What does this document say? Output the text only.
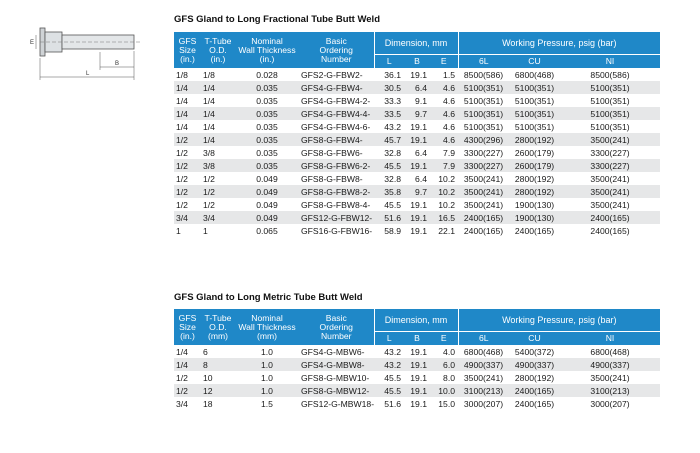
E
L
B
GFS Gland to Long Fractional Tube Butt Weld
GFS
Size
(in.)	T-Tube
O.D.
(in.)	Nominal
Wall Thickness
(in.)	Basic
Ordering
Number	Dimension, mm			Working Pressure, psig (bar)		
				L	B	E	6L	CU	NI
1/8	1/8	0.028	GFS2-G-FBW2-	36.1	19.1	1.5	8500(586)	6800(468)	8500(586)
1/4	1/4	0.035	GFS4-G-FBW4-	30.5	6.4	4.6	5100(351)	5100(351)	5100(351)
1/4	1/4	0.035	GFS4-G-FBW4-2-	33.3	9.1	4.6	5100(351)	5100(351)	5100(351)
1/4	1/4	0.035	GFS4-G-FBW4-4-	33.5	9.7	4.6	5100(351)	5100(351)	5100(351)
1/4	1/4	0.035	GFS4-G-FBW4-6-	43.2	19.1	4.6	5100(351)	5100(351)	5100(351)
1/2	1/4	0.035	GFS8-G-FBW4-	45.7	19.1	4.6	4300(296)	2800(192)	3500(241)
1/2	3/8	0.035	GFS8-G-FBW6-	32.8	6.4	7.9	3300(227)	2600(179)	3300(227)
1/2	3/8	0.035	GFS8-G-FBW6-2-	45.5	19.1	7.9	3300(227)	2600(179)	3300(227)
1/2	1/2	0.049	GFS8-G-FBW8-	32.8	6.4	10.2	3500(241)	2800(192)	3500(241)
1/2	1/2	0.049	GFS8-G-FBW8-2-	35.8	9.7	10.2	3500(241)	2800(192)	3500(241)
1/2	1/2	0.049	GFS8-G-FBW8-4-	45.5	19.1	10.2	3500(241)	1900(130)	3500(241)
3/4	3/4	0.049	GFS12-G-FBW12-	51.6	19.1	16.5	2400(165)	1900(130)	2400(165)
1	1	0.065	GFS16-G-FBW16-	58.9	19.1	22.1	2400(165)	2400(165)	2400(165)
GFS Gland to Long Metric Tube Butt Weld
GFS
Size
(in.)	T-Tube
O.D.
(mm)	Nominal
Wall Thickness
(mm)	Basic
Ordering
Number	Dimension, mm			Working Pressure, psig (bar)		
				L	B	E	6L	CU	NI
1/4	6	1.0	GFS4-G-MBW6-	43.2	19.1	4.0	6800(468)	5400(372)	6800(468)
1/4	8	1.0	GFS4-G-MBW8-	43.2	19.1	6.0	4900(337)	4900(337)	4900(337)
1/2	10	1.0	GFS8-G-MBW10-	45.5	19.1	8.0	3500(241)	2800(192)	3500(241)
1/2	12	1.0	GFS8-G-MBW12-	45.5	19.1	10.0	3100(213)	2400(165)	3100(213)
3/4	18	1.5	GFS12-G-MBW18-	51.6	19.1	15.0	3000(207)	2400(165)	3000(207)
